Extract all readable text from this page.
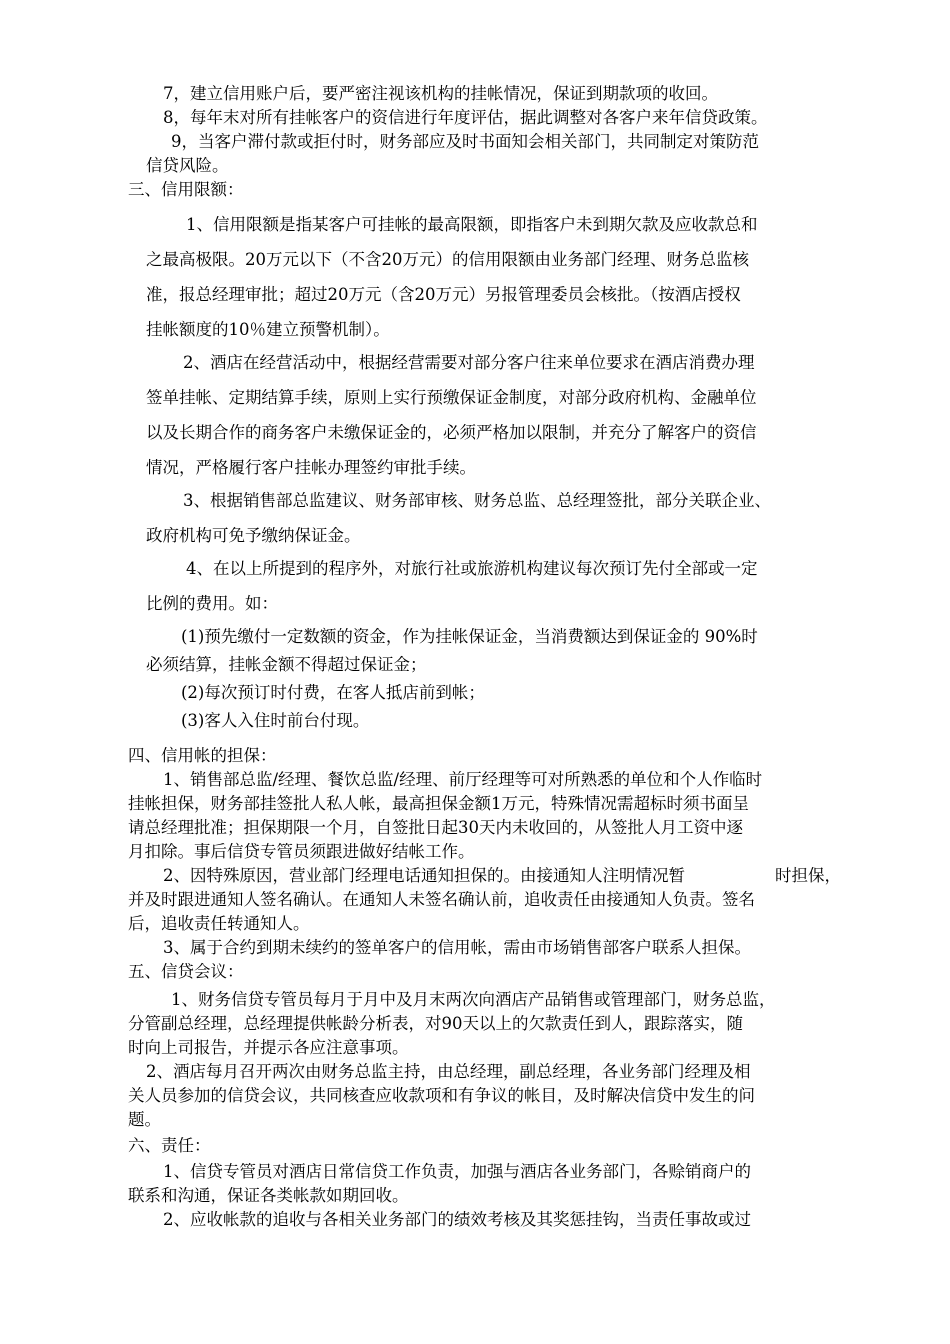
7，建立信用账户后，要严密注视该机构的挂帐情况，保证到期款项的收回。
8，每年末对所有挂帐客户的资信进行年度评估，据此调整对各客户来年信贷政策。
9，当客户滞付款或拒付时，财务部应及时书面知会相关部门，共同制定对策防范
信贷风险。
三、信用限额：
1、信用限额是指某客户可挂帐的最高限额，即指客户未到期欠款及应收款总和
之最高极限。20万元以下（不含20万元）的信用限额由业务部门经理、财务总监核
准，报总经理审批；超过20万元（含20万元）另报管理委员会核批。（按酒店授权
挂帐额度的10％建立预警机制）。
2、酒店在经营活动中，根据经营需要对部分客户往来单位要求在酒店消费办理
签单挂帐、定期结算手续，原则上实行预缴保证金制度，对部分政府机构、金融单位
以及长期合作的商务客户未缴保证金的，必须严格加以限制，并充分了解客户的资信
情况，严格履行客户挂帐办理签约审批手续。
3、根据销售部总监建议、财务部审核、财务总监、总经理签批，部分关联企业、
政府机构可免予缴纳保证金。
4、在以上所提到的程序外，对旅行社或旅游机构建议每次预订先付全部或一定
比例的费用。如：
(1)预先缴付一定数额的资金，作为挂帐保证金，当消费额达到保证金的 90%时
必须结算，挂帐金额不得超过保证金；
(2)每次预订时付费，在客人抵店前到帐；
(3)客人入住时前台付现。
四、信用帐的担保：
1、销售部总监/经理、餐饮总监/经理、前厅经理等可对所熟悉的单位和个人作临时
挂帐担保，财务部挂签批人私人帐，最高担保金额1万元，特殊情况需超标时须书面呈
请总经理批准；担保期限一个月，自签批日起30天内未收回的，从签批人月工资中逐
月扣除。事后信贷专管员须跟进做好结帐工作。
2、因特殊原因，营业部门经理电话通知担保的。由接通知人注明情况暂	时担保，
并及时跟进通知人签名确认。在通知人未签名确认前，追收责任由接通知人负责。签名
后，追收责任转通知人。
3、属于合约到期未续约的签单客户的信用帐，需由市场销售部客户联系人担保。
五、信贷会议：
1、财务信贷专管员每月于月中及月末两次向酒店产品销售或管理部门，财务总监，
分管副总经理，总经理提供帐龄分析表，对90天以上的欠款责任到人，跟踪落实，随
时向上司报告，并提示各应注意事项。
2、酒店每月召开两次由财务总监主持，由总经理，副总经理，各业务部门经理及相
关人员参加的信贷会议，共同核查应收款项和有争议的帐目，及时解决信贷中发生的问
题。
六、责任：
1、信贷专管员对酒店日常信贷工作负责，加强与酒店各业务部门，各赊销商户的
联系和沟通，保证各类帐款如期回收。
2、应收帐款的追收与各相关业务部门的绩效考核及其奖惩挂钩，当责任事故或过
